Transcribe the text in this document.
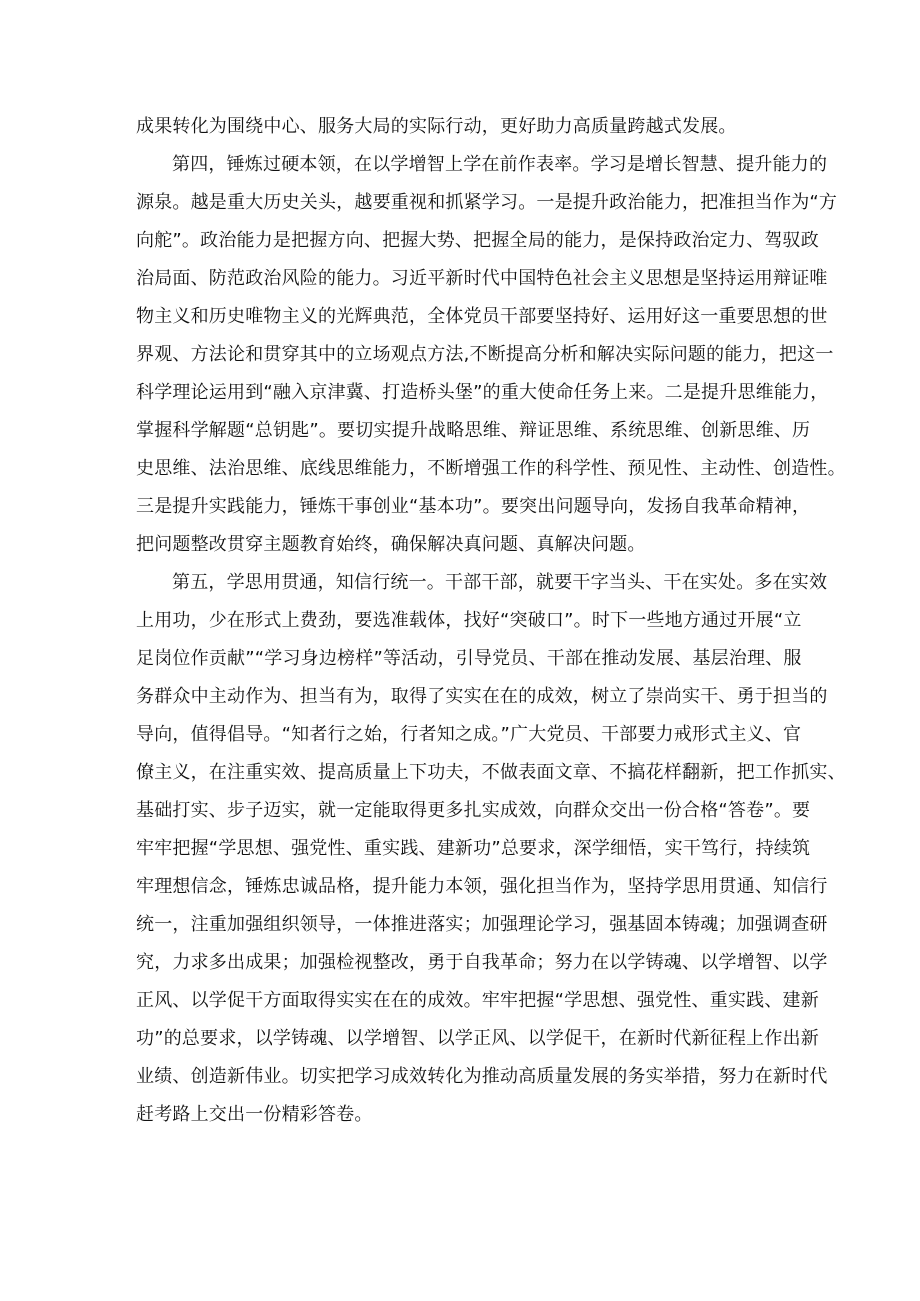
成果转化为围绕中心、服务大局的实际行动，更好助力高质量跨越式发展。
第四，锤炼过硬本领，在以学增智上学在前作表率。学习是增长智慧、提升能力的
源泉。越是重大历史关头，越要重视和抓紧学习。一是提升政治能力，把准担当作为“方
向舵”。政治能力是把握方向、把握大势、把握全局的能力，是保持政治定力、驾驭政
治局面、防范政治风险的能力。习近平新时代中国特色社会主义思想是坚持运用辩证唯
物主义和历史唯物主义的光辉典范，全体党员干部要坚持好、运用好这一重要思想的世
界观、方法论和贯穿其中的立场观点方法,不断提高分析和解决实际问题的能力，把这一
科学理论运用到“融入京津冀、打造桥头堡”的重大使命任务上来。二是提升思维能力，
掌握科学解题“总钥匙”。要切实提升战略思维、辩证思维、系统思维、创新思维、历
史思维、法治思维、底线思维能力，不断增强工作的科学性、预见性、主动性、创造性。
三是提升实践能力，锤炼干事创业“基本功”。要突出问题导向，发扬自我革命精神，
把问题整改贯穿主题教育始终，确保解决真问题、真解决问题。
第五，学思用贯通，知信行统一。干部干部，就要干字当头、干在实处。多在实效
上用功，少在形式上费劲，要选准载体，找好“突破口”。时下一些地方通过开展“立
足岗位作贡献”“学习身边榜样”等活动，引导党员、干部在推动发展、基层治理、服
务群众中主动作为、担当有为，取得了实实在在的成效，树立了崇尚实干、勇于担当的
导向，值得倡导。“知者行之始，行者知之成。”广大党员、干部要力戒形式主义、官
僚主义，在注重实效、提高质量上下功夫，不做表面文章、不搞花样翻新，把工作抓实、
基础打实、步子迈实，就一定能取得更多扎实成效，向群众交出一份合格“答卷”。要
牢牢把握“学思想、强党性、重实践、建新功”总要求，深学细悟，实干笃行，持续筑
牢理想信念，锤炼忠诚品格，提升能力本领，强化担当作为，坚持学思用贯通、知信行
统一，注重加强组织领导，一体推进落实；加强理论学习，强基固本铸魂；加强调查研
究，力求多出成果；加强检视整改，勇于自我革命；努力在以学铸魂、以学增智、以学
正风、以学促干方面取得实实在在的成效。牢牢把握“学思想、强党性、重实践、建新
功”的总要求，以学铸魂、以学增智、以学正风、以学促干，在新时代新征程上作出新
业绩、创造新伟业。切实把学习成效转化为推动高质量发展的务实举措，努力在新时代
赶考路上交出一份精彩答卷。
